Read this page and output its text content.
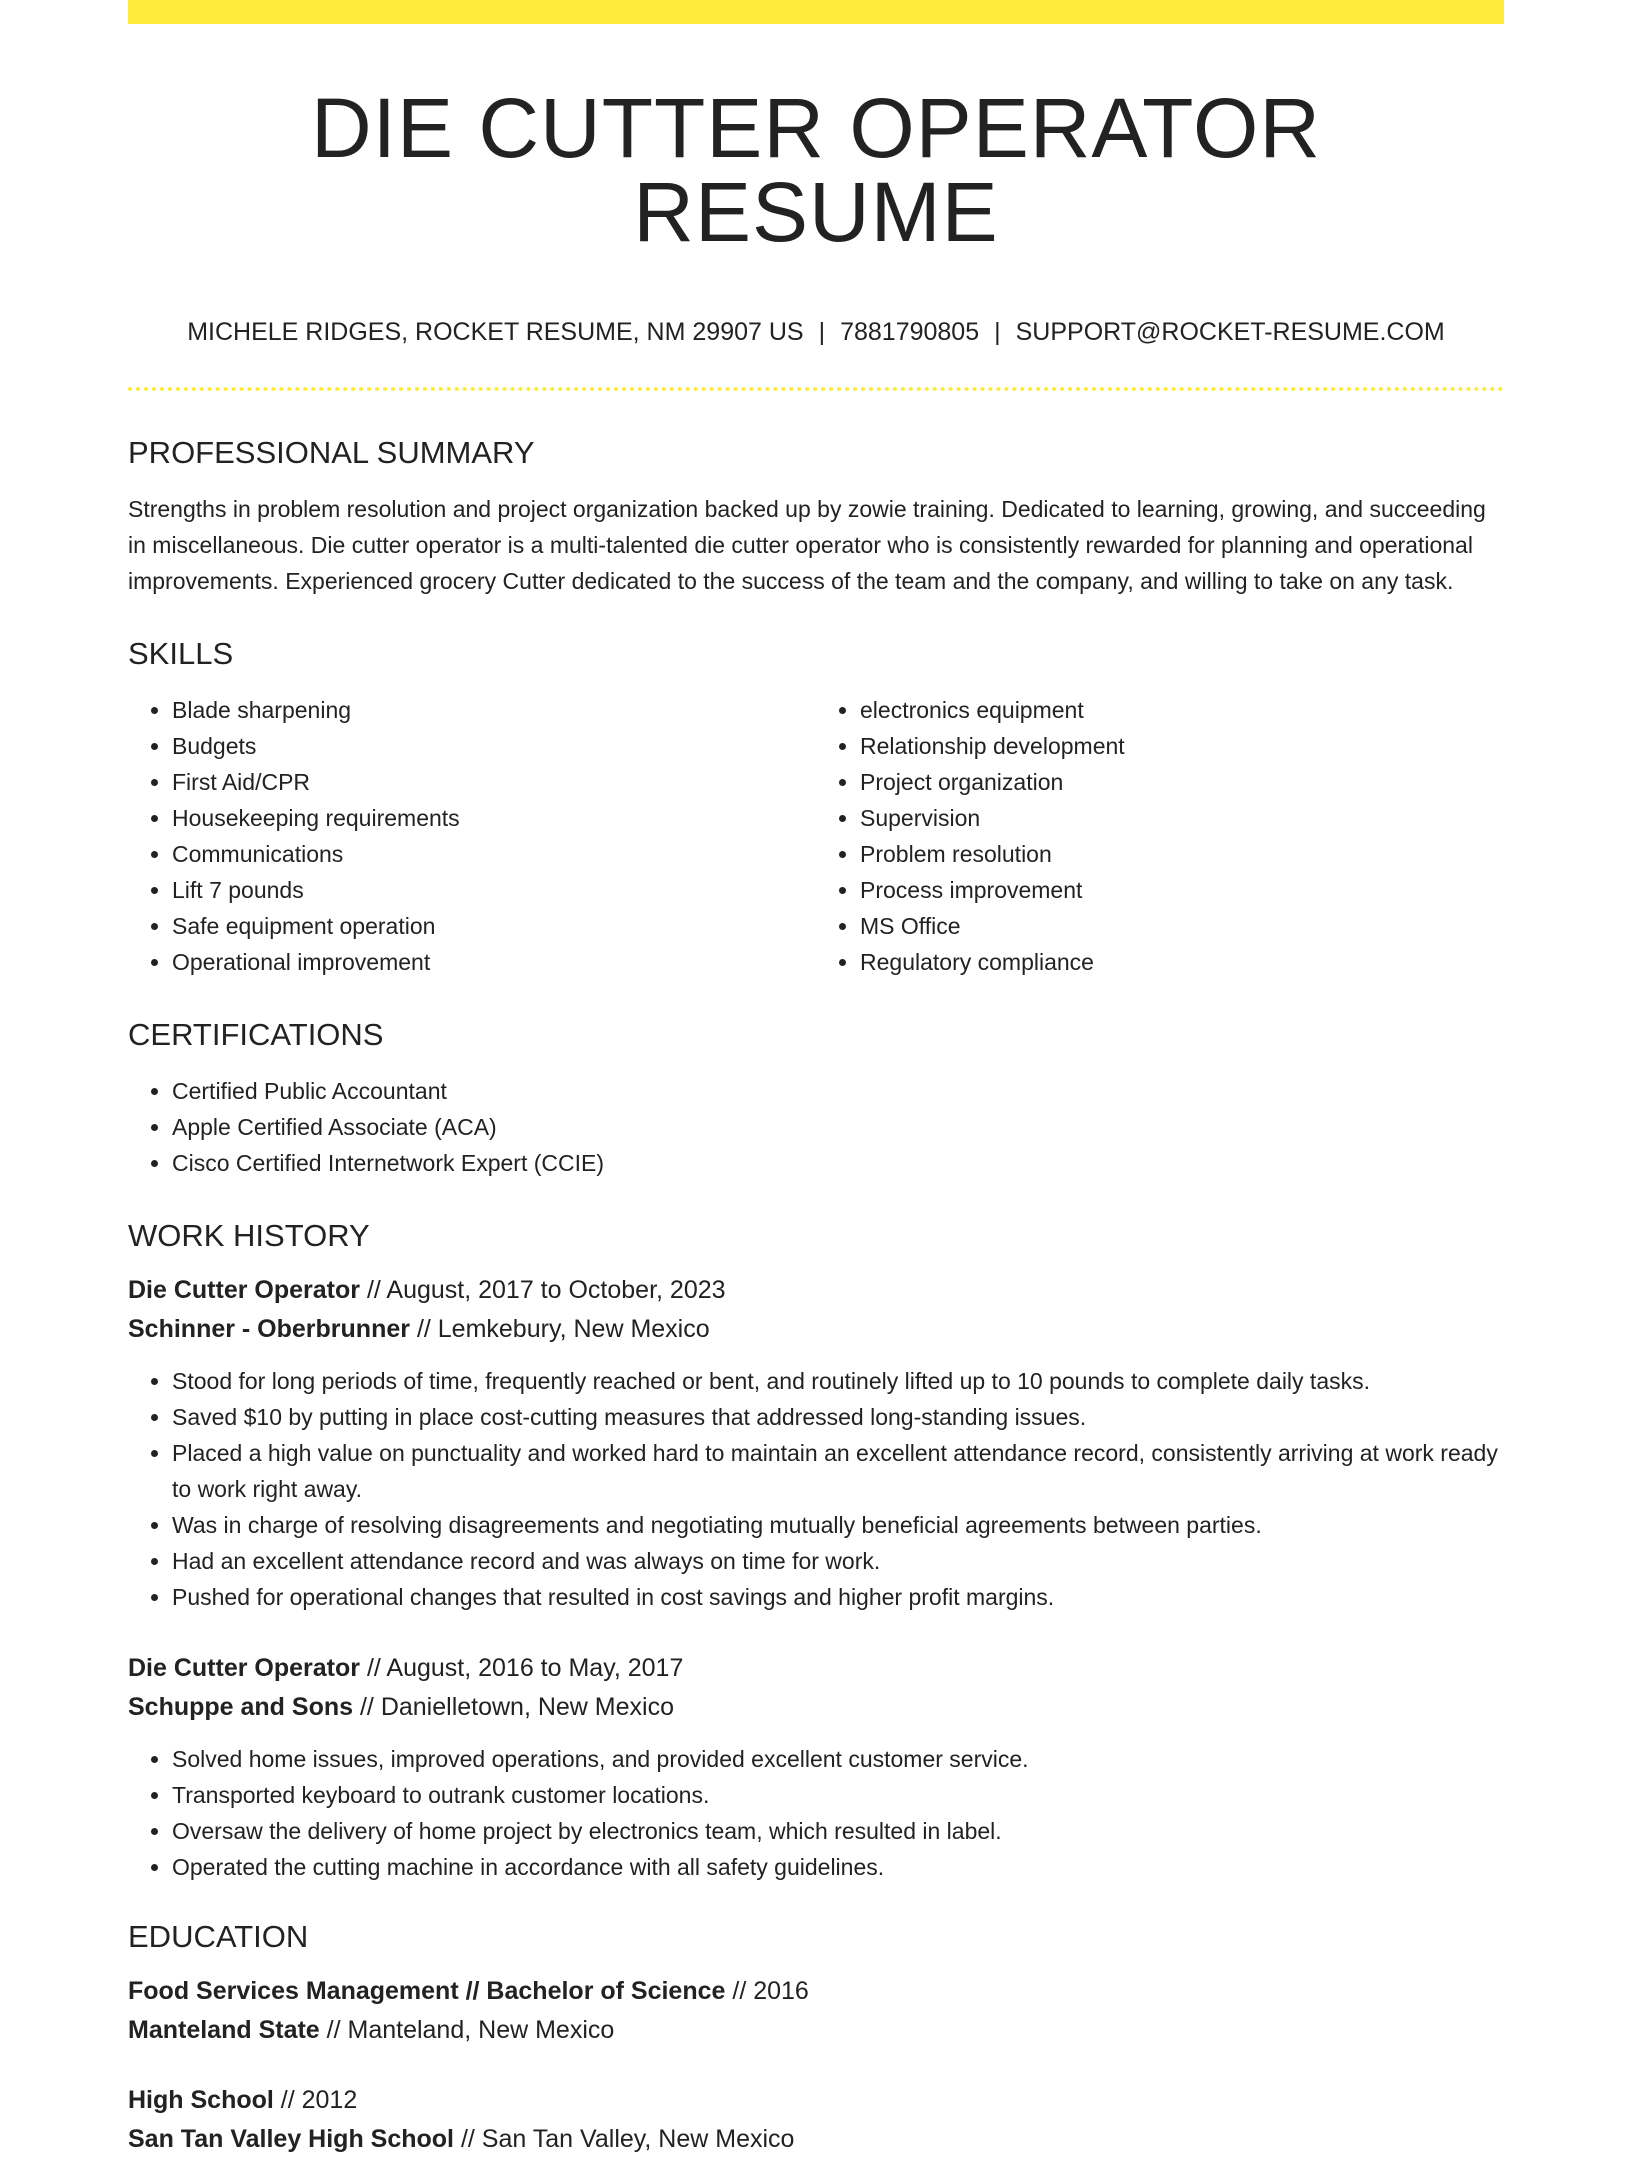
DIE CUTTER OPERATOR RESUME
MICHELE RIDGES, ROCKET RESUME, NM 29907 US | 7881790805 | SUPPORT@ROCKET-RESUME.COM
PROFESSIONAL SUMMARY

Strengths in problem resolution and project organization backed up by zowie training. Dedicated to learning, growing, and succeeding in miscellaneous. Die cutter operator is a multi-talented die cutter operator who is consistently rewarded for planning and operational improvements. Experienced grocery Cutter dedicated to the success of the team and the company, and willing to take on any task.

SKILLS
• Blade sharpening
• Budgets
• First Aid/CPR
• Housekeeping requirements
• Communications
• Lift 7 pounds
• Safe equipment operation
• Operational improvement
• electronics equipment
• Relationship development
• Project organization
• Supervision
• Problem resolution
• Process improvement
• MS Office
• Regulatory compliance
CERTIFICATIONS
• Certified Public Accountant
• Apple Certified Associate (ACA)
• Cisco Certified Internetwork Expert (CCIE)
WORK HISTORY
Die Cutter Operator // August, 2017 to October, 2023
Schinner - Oberbrunner // Lemkebury, New Mexico
• Stood for long periods of time, frequently reached or bent, and routinely lifted up to 10 pounds to complete daily tasks.
• Saved $10 by putting in place cost-cutting measures that addressed long-standing issues.
• Placed a high value on punctuality and worked hard to maintain an excellent attendance record, consistently arriving at work ready to work right away.
• Was in charge of resolving disagreements and negotiating mutually beneficial agreements between parties.
• Had an excellent attendance record and was always on time for work.
• Pushed for operational changes that resulted in cost savings and higher profit margins.
Die Cutter Operator // August, 2016 to May, 2017
Schuppe and Sons // Danielletown, New Mexico
• Solved home issues, improved operations, and provided excellent customer service.
• Transported keyboard to outrank customer locations.
• Oversaw the delivery of home project by electronics team, which resulted in label.
• Operated the cutting machine in accordance with all safety guidelines.
EDUCATION
Food Services Management // Bachelor of Science // 2016
Manteland State // Manteland, New Mexico
High School // 2012
San Tan Valley High School // San Tan Valley, New Mexico
